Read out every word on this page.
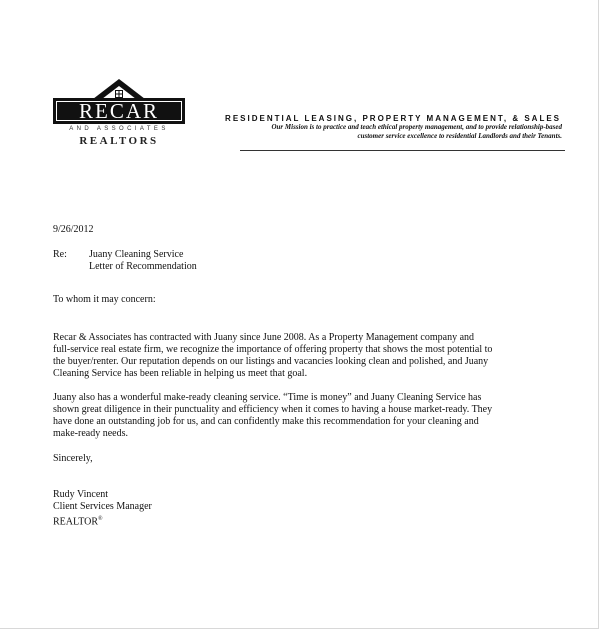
RECAR
AND ASSOCIATES
REALTORS
RESIDENTIAL LEASING, PROPERTY MANAGEMENT, & SALES
Our Mission is to practice and teach ethical property management, and to provide relationship-based
customer service excellence to residential Landlords and their Tenants.
9/26/2012
Re: Juany Cleaning Service
Letter of Recommendation
To whom it may concern:
Recar & Associates has contracted with Juany since June 2008. As a Property Management company and
full-service real estate firm, we recognize the importance of offering property that shows the most potential to
the buyer/renter. Our reputation depends on our listings and vacancies looking clean and polished, and Juany
Cleaning Service has been reliable in helping us meet that goal.
Juany also has a wonderful make-ready cleaning service. “Time is money” and Juany Cleaning Service has
shown great diligence in their punctuality and efficiency when it comes to having a house market-ready. They
have done an outstanding job for us, and can confidently make this recommendation for your cleaning and
make-ready needs.
Sincerely,
Rudy Vincent
Client Services Manager
REALTOR®
